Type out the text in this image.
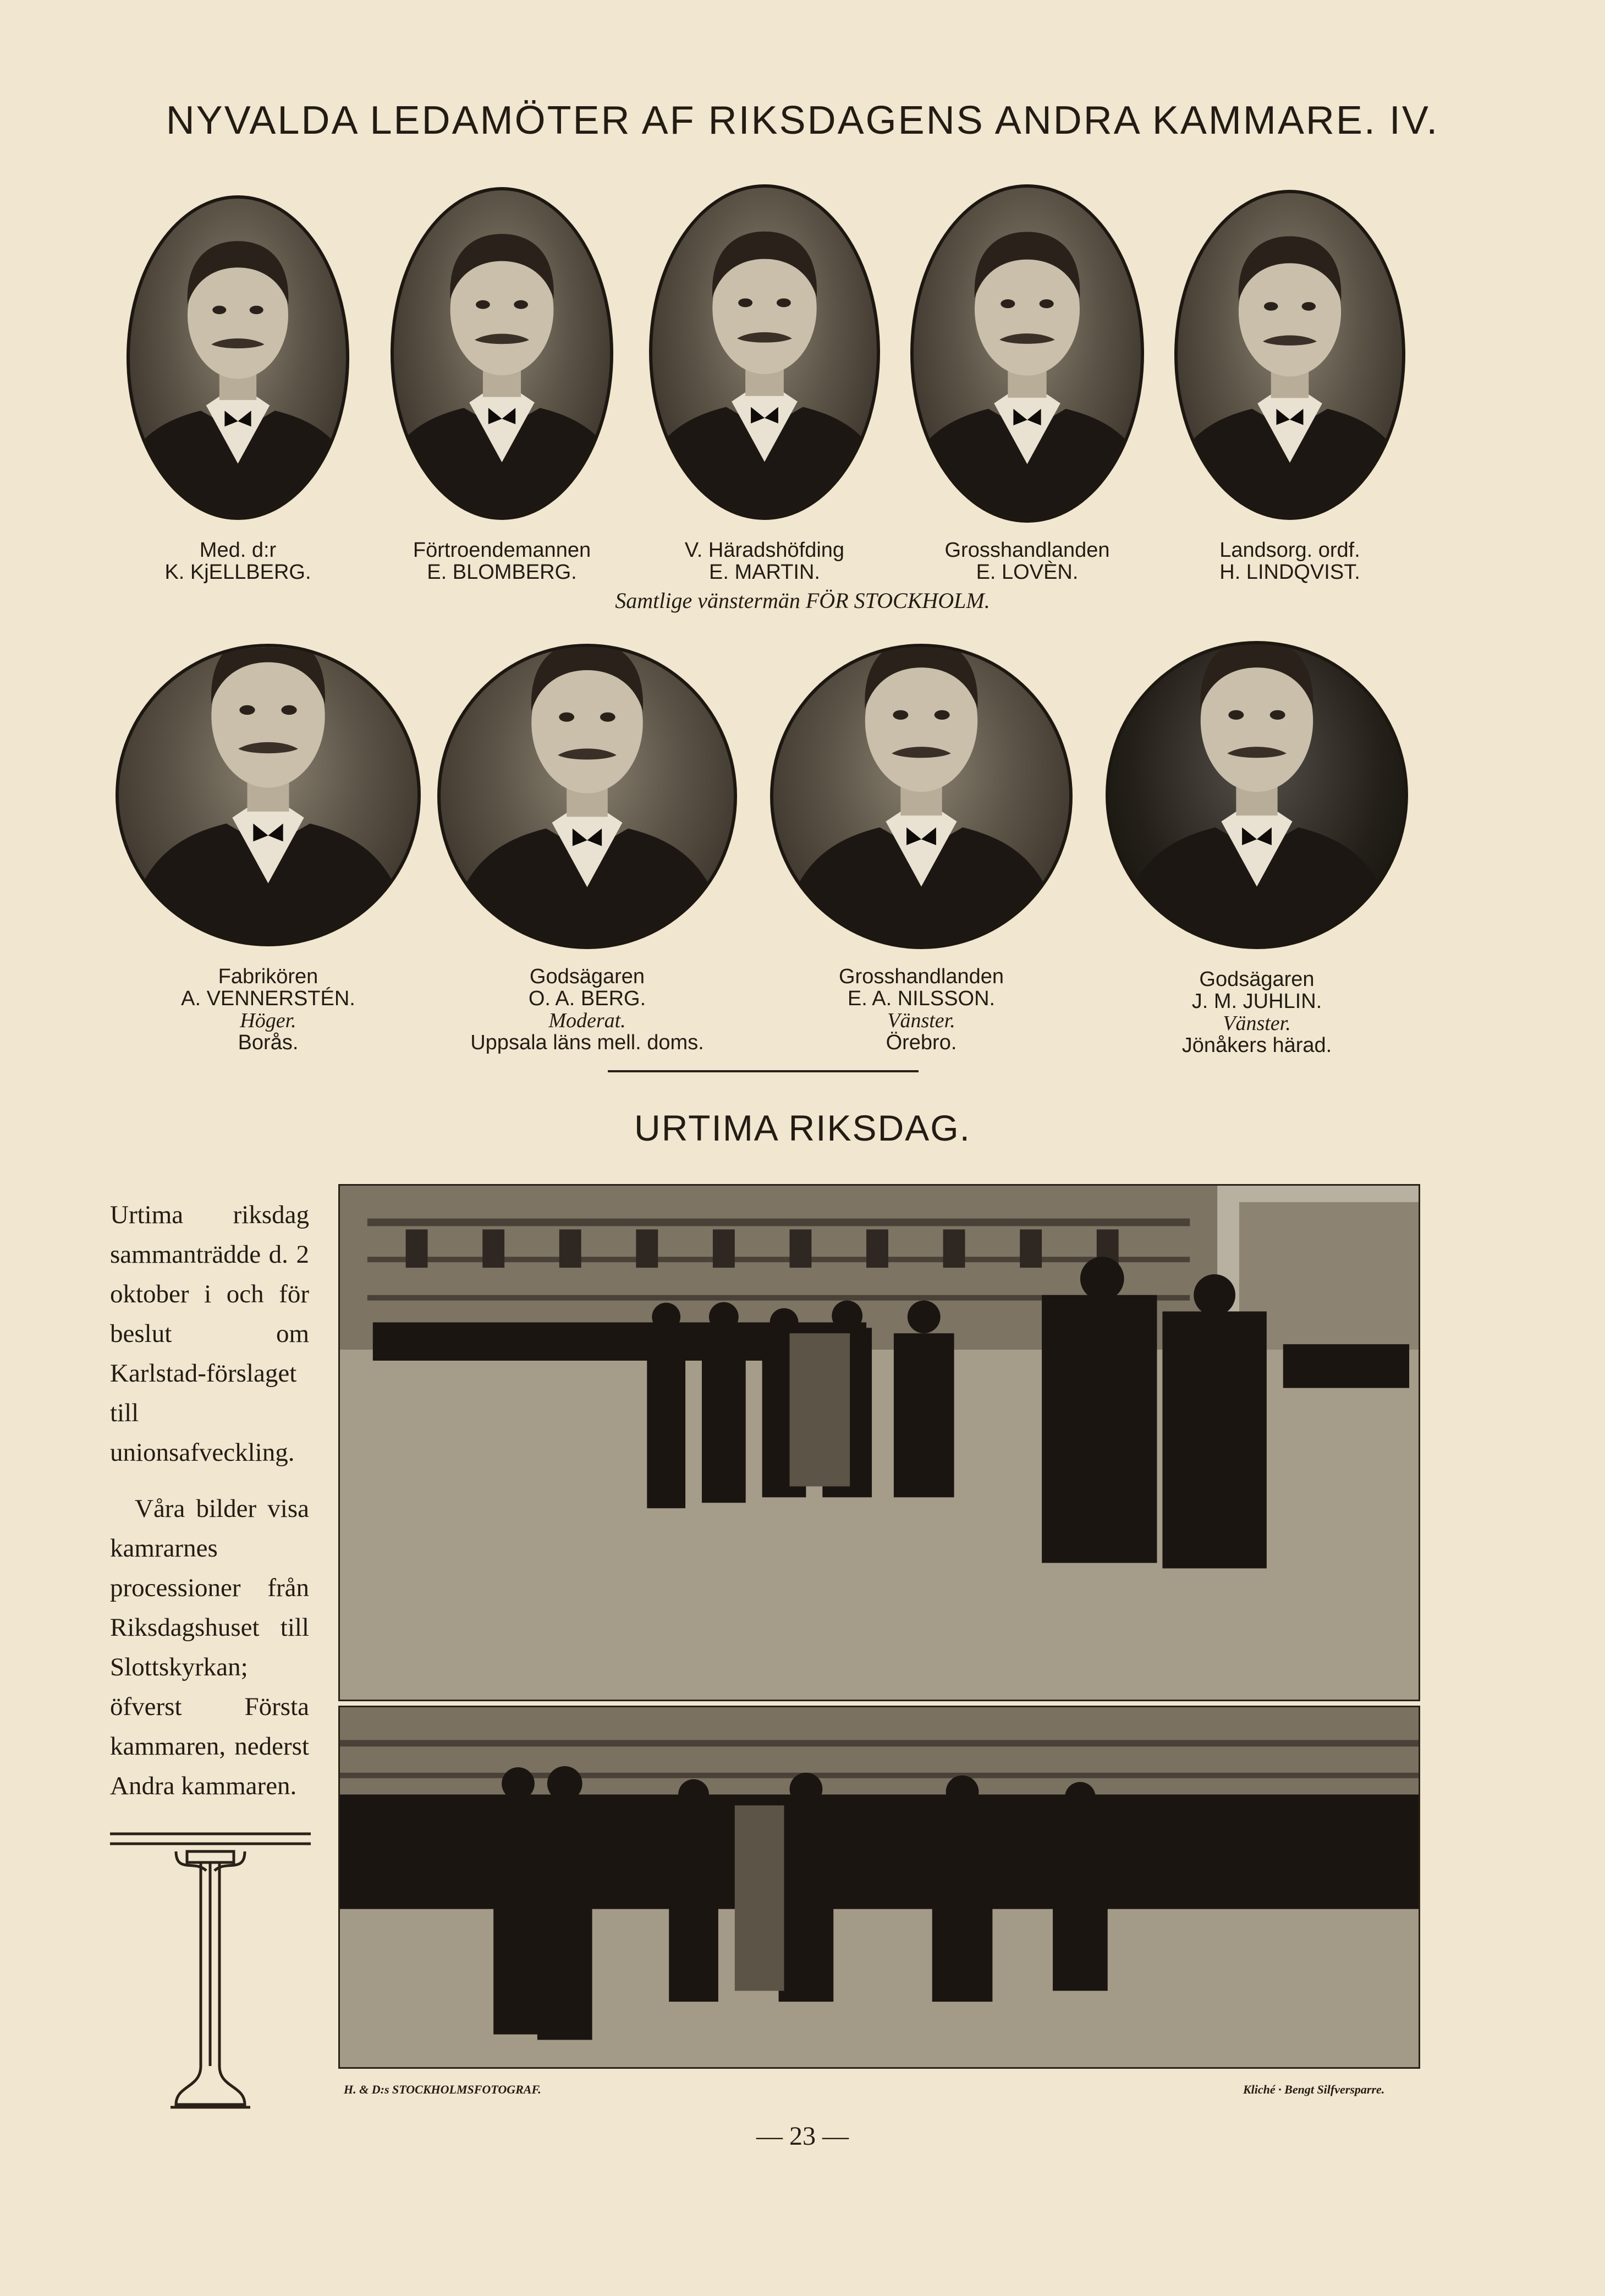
NYVALDA LEDAMÖTER AF RIKSDAGENS ANDRA KAMMARE. IV.
Med. d:r
K. KjELLBERG.
Förtroendemannen
E. BLOMBERG.
V. Häradshöfding
E. MARTIN.
Grosshandlanden
E. LOVÈN.
Landsorg. ordf.
H. LINDQVIST.
Samtlige vänstermän FÖR STOCKHOLM.
Fabrikören
A. VENNERSTÉN.
Höger.
Borås.
Godsägaren
O. A. BERG.
Moderat.
Uppsala läns mell. doms.
Grosshandlanden
E. A. NILSSON.
Vänster.
Örebro.
Godsägaren
J. M. JUHLIN.
Vänster.
Jönåkers härad.
URTIMA RIKSDAG.

Urtima riksdag sammanträdde d. 2 oktober i och för beslut om Karlstad-förslaget till unionsafveckling.

Våra bilder visa kamrarnes processioner från Riksdagshuset till Slottskyrkan; öfverst Första kammaren, nederst Andra kammaren.

H. & D:s STOCKHOLMSFOTOGRAF.	Kliché · Bengt Silfversparre.
— 23 —
